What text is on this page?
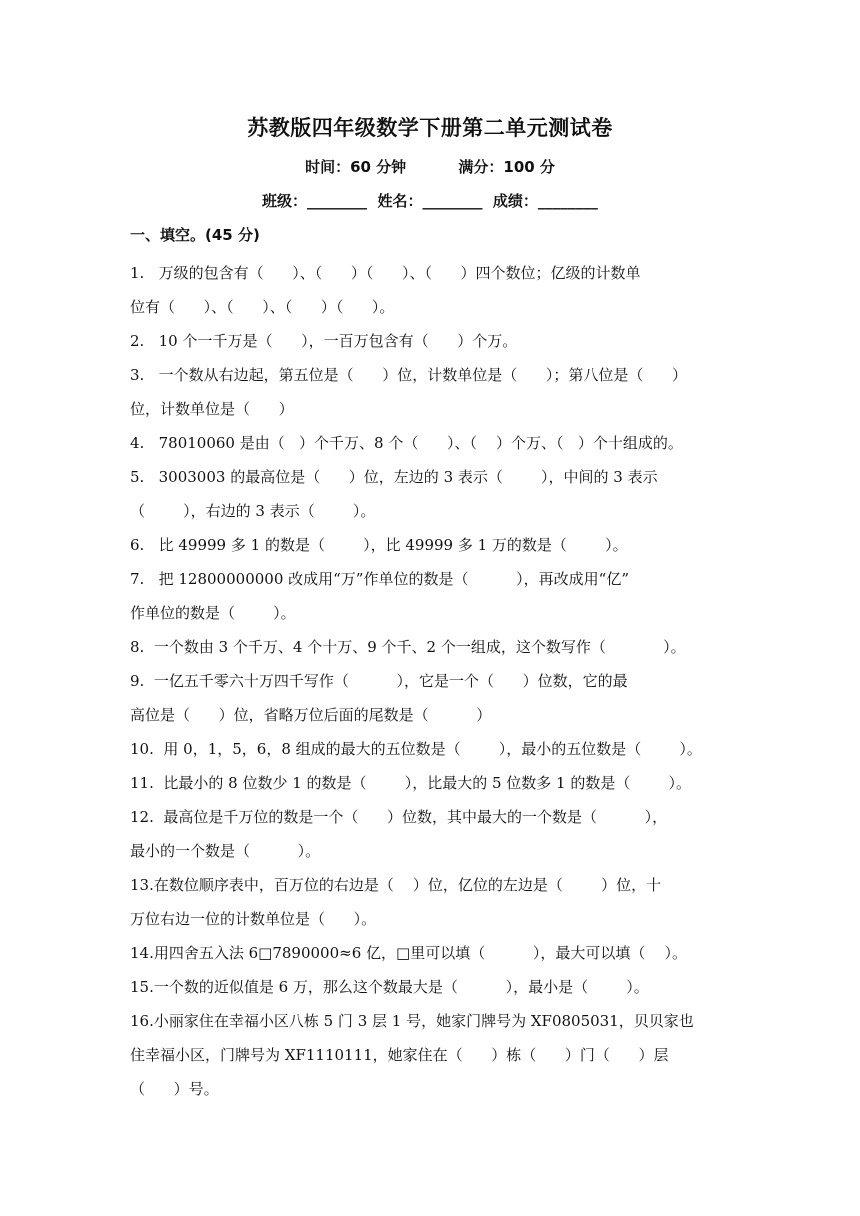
苏教版四年级数学下册第二单元测试卷
时间：60 分钟          满分：100 分
班级：________  姓名：________  成绩：________
一、填空。(45 分)
1.   万级的包含有（      ）、（      ）（      ）、（      ）四个数位；亿级的计数单
位有（      ）、（      ）、（      ）（      ）。
2.   10 个一千万是（      ），一百万包含有（      ）个万。
3.   一个数从右边起，第五位是（      ）位，计数单位是（      ）；第八位是（      ）
位，计数单位是（      ）
4.   78010060 是由（   ）个千万、8 个（      ）、（    ）个万、（   ）个十组成的。
5.   3003003 的最高位是（      ）位，左边的 3 表示（        ），中间的 3 表示
（        ），右边的 3 表示（        ）。
6.   比 49999 多 1 的数是（        ），比 49999 多 1 万的数是（        ）。
7.   把 12800000000 改成用“万”作单位的数是（          ），再改成用“亿”
作单位的数是（        ）。
8.  一个数由 3 个千万、4 个十万、9 个千、2 个一组成，这个数写作（            ）。
9.  一亿五千零六十万四千写作（          ），它是一个（      ）位数，它的最
高位是（      ）位，省略万位后面的尾数是（          ）
10.  用 0，1，5，6，8 组成的最大的五位数是（        ），最小的五位数是（        ）。
11.  比最小的 8 位数少 1 的数是（        ），比最大的 5 位数多 1 的数是（        ）。
12.  最高位是千万位的数是一个（      ）位数，其中最大的一个数是（          ），
最小的一个数是（          ）。
13.在数位顺序表中，百万位的右边是（    ）位，亿位的左边是（        ）位，十
万位右边一位的计数单位是（      ）。
14.用四舍五入法 6□7890000≈6 亿，□里可以填（          ），最大可以填（    ）。
15.一个数的近似值是 6 万，那么这个数最大是（          ），最小是（        ）。
16.小丽家住在幸福小区八栋 5 门 3 层 1 号，她家门牌号为 XF0805031，贝贝家也
住幸福小区，门牌号为 XF1110111，她家住在（      ）栋（      ）门（      ）层
（      ）号。
